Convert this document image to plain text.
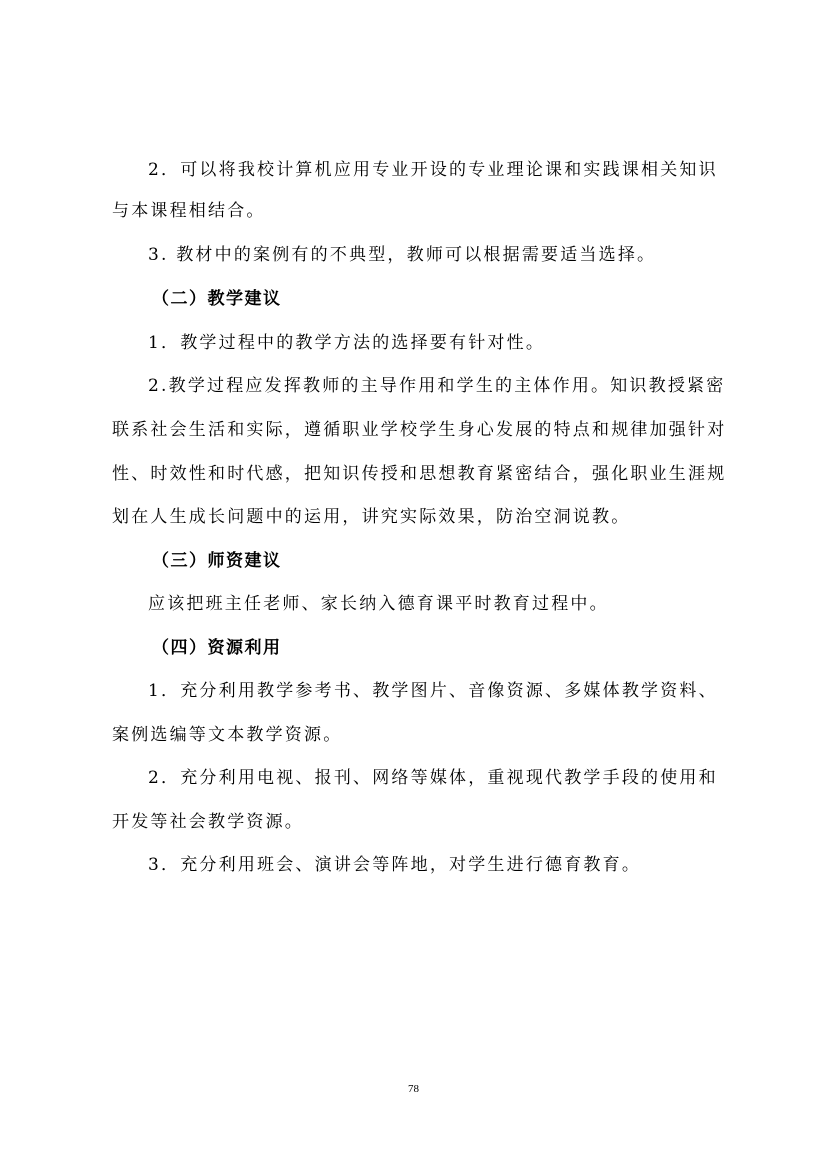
2．可以将我校计算机应用专业开设的专业理论课和实践课相关知识
与本课程相结合。
3. 教材中的案例有的不典型，教师可以根据需要适当选择。
（二）教学建议
1．教学过程中的教学方法的选择要有针对性。
2.教学过程应发挥教师的主导作用和学生的主体作用。知识教授紧密
联系社会生活和实际，遵循职业学校学生身心发展的特点和规律加强针对
性、时效性和时代感，把知识传授和思想教育紧密结合，强化职业生涯规
划在人生成长问题中的运用，讲究实际效果，防治空洞说教。
（三）师资建议
应该把班主任老师、家长纳入德育课平时教育过程中。
（四）资源利用
1．充分利用教学参考书、教学图片、音像资源、多媒体教学资料、
案例选编等文本教学资源。
2．充分利用电视、报刊、网络等媒体，重视现代教学手段的使用和
开发等社会教学资源。
3．充分利用班会、演讲会等阵地，对学生进行德育教育。
78
